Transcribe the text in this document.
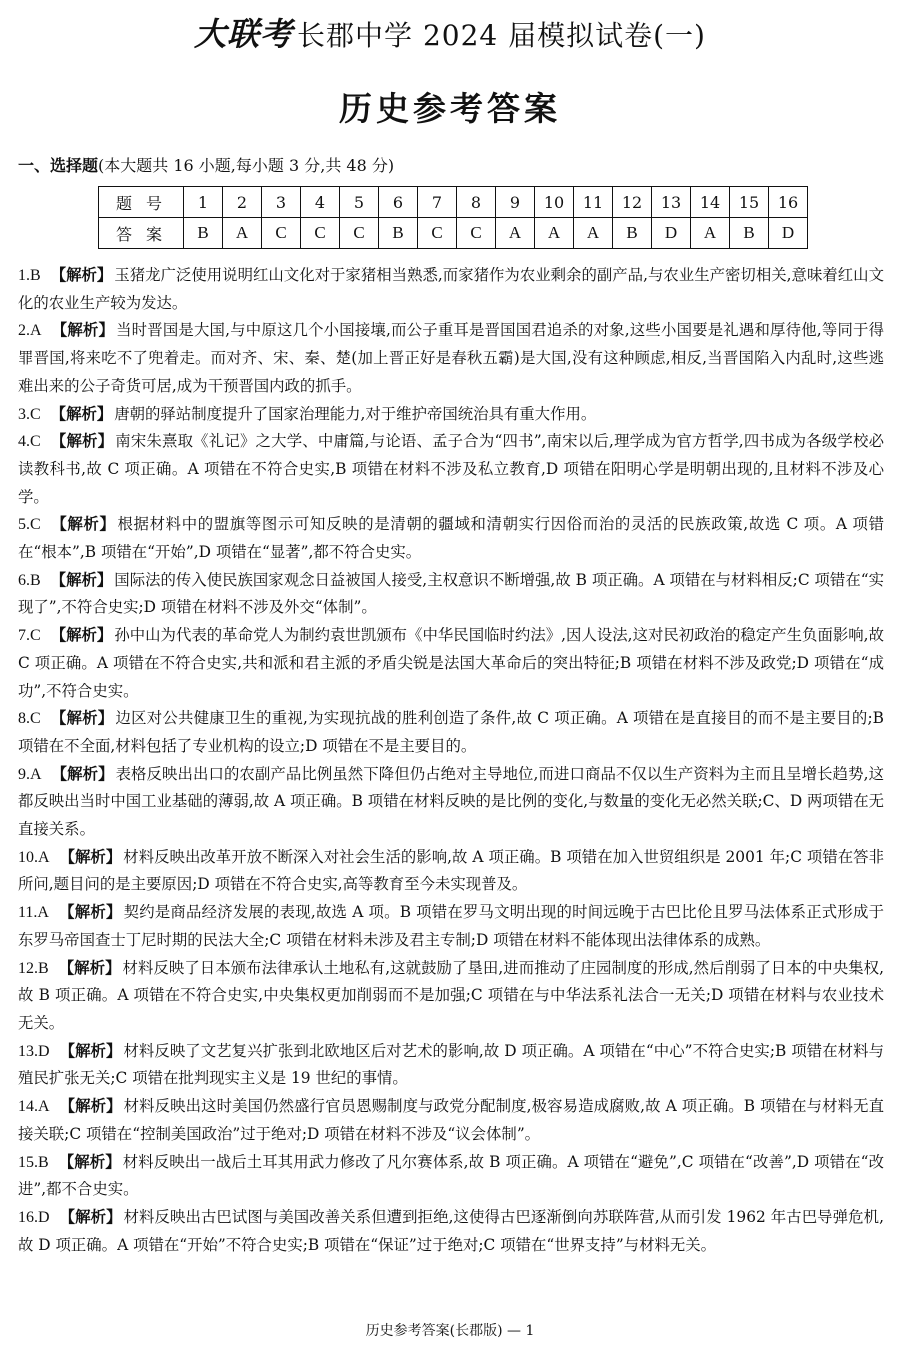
大联考 长郡中学 2024 届模拟试卷(一)
历史参考答案
一、选择题(本大题共 16 小题,每小题 3 分,共 48 分)
题号	1	2	3	4	5	6	7	8	9	10	11	12	13	14	15	16
答案	B	A	C	C	C	B	C	C	A	A	A	B	D	A	B	D

1.B 【解析】 玉猪龙广泛使用说明红山文化对于家猪相当熟悉,而家猪作为农业剩余的副产品,与农业生产密切相关,意味着红山文化的农业生产较为发达。

2.A 【解析】 当时晋国是大国,与中原这几个小国接壤,而公子重耳是晋国国君追杀的对象,这些小国要是礼遇和厚待他,等同于得罪晋国,将来吃不了兜着走。而对齐、宋、秦、楚(加上晋正好是春秋五霸)是大国,没有这种顾虑,相反,当晋国陷入内乱时,这些逃难出来的公子奇货可居,成为干预晋国内政的抓手。

3.C 【解析】 唐朝的驿站制度提升了国家治理能力,对于维护帝国统治具有重大作用。

4.C 【解析】 南宋朱熹取《礼记》之大学、中庸篇,与论语、孟子合为“四书”,南宋以后,理学成为官方哲学,四书成为各级学校必读教科书,故 C 项正确。A 项错在不符合史实,B 项错在材料不涉及私立教育,D 项错在阳明心学是明朝出现的,且材料不涉及心学。

5.C 【解析】 根据材料中的盟旗等图示可知反映的是清朝的疆域和清朝实行因俗而治的灵活的民族政策,故选 C 项。A 项错在“根本”,B 项错在“开始”,D 项错在“显著”,都不符合史实。

6.B 【解析】 国际法的传入使民族国家观念日益被国人接受,主权意识不断增强,故 B 项正确。A 项错在与材料相反;C 项错在“实现了”,不符合史实;D 项错在材料不涉及外交“体制”。

7.C 【解析】 孙中山为代表的革命党人为制约袁世凯颁布《中华民国临时约法》,因人设法,这对民初政治的稳定产生负面影响,故 C 项正确。A 项错在不符合史实,共和派和君主派的矛盾尖锐是法国大革命后的突出特征;B 项错在材料不涉及政党;D 项错在“成功”,不符合史实。

8.C 【解析】 边区对公共健康卫生的重视,为实现抗战的胜利创造了条件,故 C 项正确。A 项错在是直接目的而不是主要目的;B 项错在不全面,材料包括了专业机构的设立;D 项错在不是主要目的。

9.A 【解析】 表格反映出出口的农副产品比例虽然下降但仍占绝对主导地位,而进口商品不仅以生产资料为主而且呈增长趋势,这都反映出当时中国工业基础的薄弱,故 A 项正确。B 项错在材料反映的是比例的变化,与数量的变化无必然关联;C、D 两项错在无直接关系。

10.A 【解析】 材料反映出改革开放不断深入对社会生活的影响,故 A 项正确。B 项错在加入世贸组织是 2001 年;C 项错在答非所问,题目问的是主要原因;D 项错在不符合史实,高等教育至今未实现普及。

11.A 【解析】 契约是商品经济发展的表现,故选 A 项。B 项错在罗马文明出现的时间远晚于古巴比伦且罗马法体系正式形成于东罗马帝国查士丁尼时期的民法大全;C 项错在材料未涉及君主专制;D 项错在材料不能体现出法律体系的成熟。

12.B 【解析】 材料反映了日本颁布法律承认土地私有,这就鼓励了垦田,进而推动了庄园制度的形成,然后削弱了日本的中央集权,故 B 项正确。A 项错在不符合史实,中央集权更加削弱而不是加强;C 项错在与中华法系礼法合一无关;D 项错在材料与农业技术无关。

13.D 【解析】 材料反映了文艺复兴扩张到北欧地区后对艺术的影响,故 D 项正确。A 项错在“中心”不符合史实;B 项错在材料与殖民扩张无关;C 项错在批判现实主义是 19 世纪的事情。

14.A 【解析】 材料反映出这时美国仍然盛行官员恩赐制度与政党分配制度,极容易造成腐败,故 A 项正确。B 项错在与材料无直接关联;C 项错在“控制美国政治”过于绝对;D 项错在材料不涉及“议会体制”。

15.B 【解析】 材料反映出一战后土耳其用武力修改了凡尔赛体系,故 B 项正确。A 项错在“避免”,C 项错在“改善”,D 项错在“改进”,都不合史实。

16.D 【解析】 材料反映出古巴试图与美国改善关系但遭到拒绝,这使得古巴逐渐倒向苏联阵营,从而引发 1962 年古巴导弹危机,故 D 项正确。A 项错在“开始”不符合史实;B 项错在“保证”过于绝对;C 项错在“世界支持”与材料无关。

历史参考答案(长郡版) — 1
